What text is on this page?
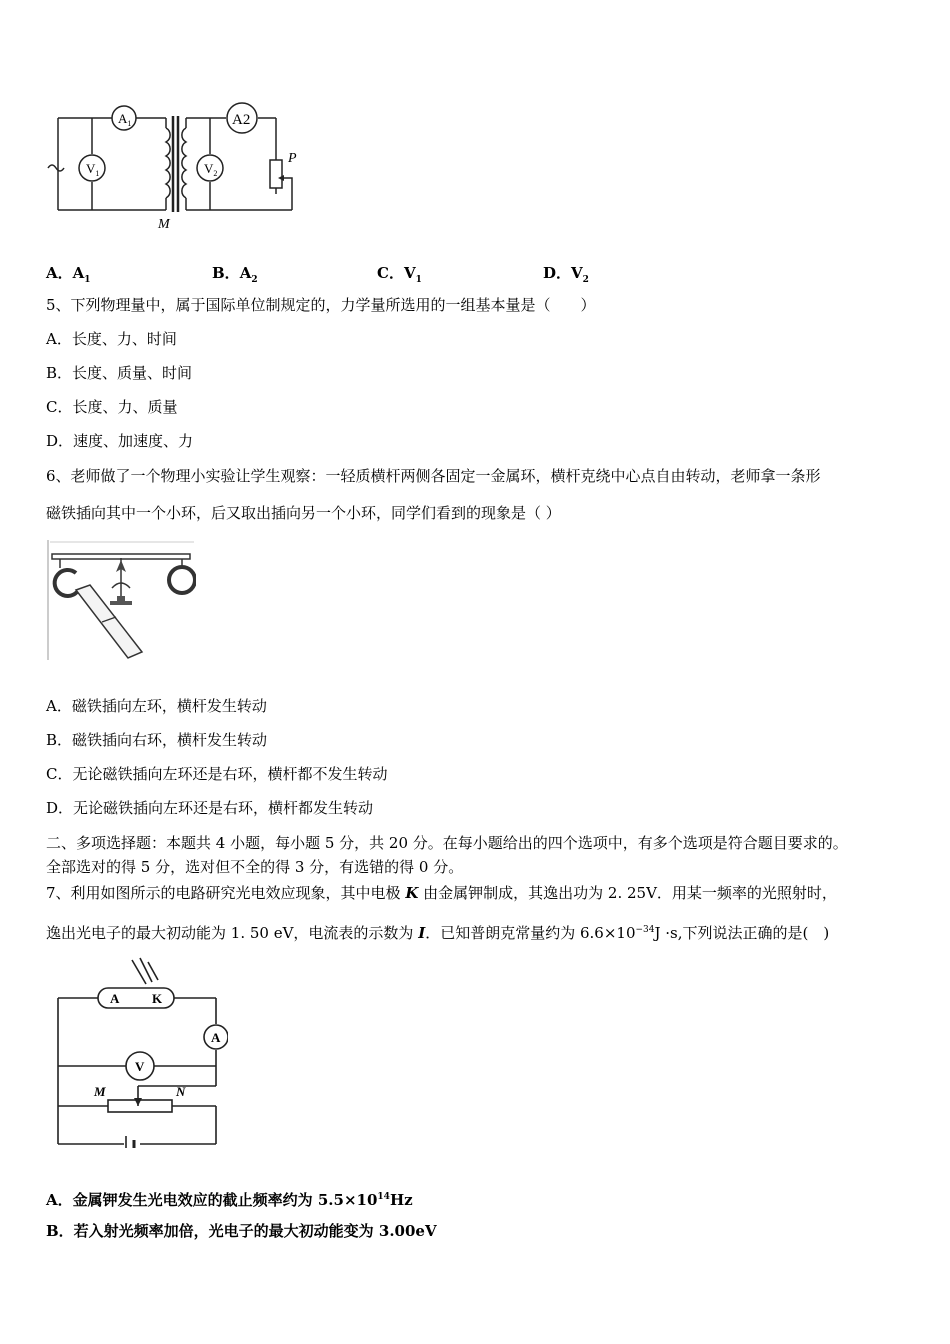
$A_1$	A2
$V_1$	$V_2$
P
M
A．$A_1$	B．$A_2$	C．$V_1$	D．$V_2$
5、下列物理量中，属于国际单位制规定的，力学量所选用的一组基本量是（　　）
A．长度、力、时间
B．长度、质量、时间
C．长度、力、质量
D．速度、加速度、力
6、老师做了一个物理小实验让学生观察：一轻质横杆两侧各固定一金属环，横杆克绕中心点自由转动，老师拿一条形
磁铁插向其中一个小环，后又取出插向另一个小环，同学们看到的现象是（ ）
A．磁铁插向左环，横杆发生转动
B．磁铁插向右环，横杆发生转动
C．无论磁铁插向左环还是右环，横杆都不发生转动
D．无论磁铁插向左环还是右环，横杆都发生转动
二、多项选择题：本题共 4 小题，每小题 5 分，共 20 分。在每小题给出的四个选项中，有多个选项是符合题目要求的。
全部选对的得 5 分，选对但不全的得 3 分，有选错的得 0 分。
7、利用如图所示的电路研究光电效应现象，其中电极 K 由金属钾制成，其逸出功为 2. 25V．用某一频率的光照射时，
逸出光电子的最大初动能为 1. 50 eV，电流表的示数为 I．已知普朗克常量约为 $6.6\times 10^{-34}J \cdot s$,下列说法正确的是(　)
A	K
A
V
M	N
A．金属钾发生光电效应的截止频率约为 $5.5\times 10^{14}Hz$
B．若入射光频率加倍，光电子的最大初动能变为 3.00eV
